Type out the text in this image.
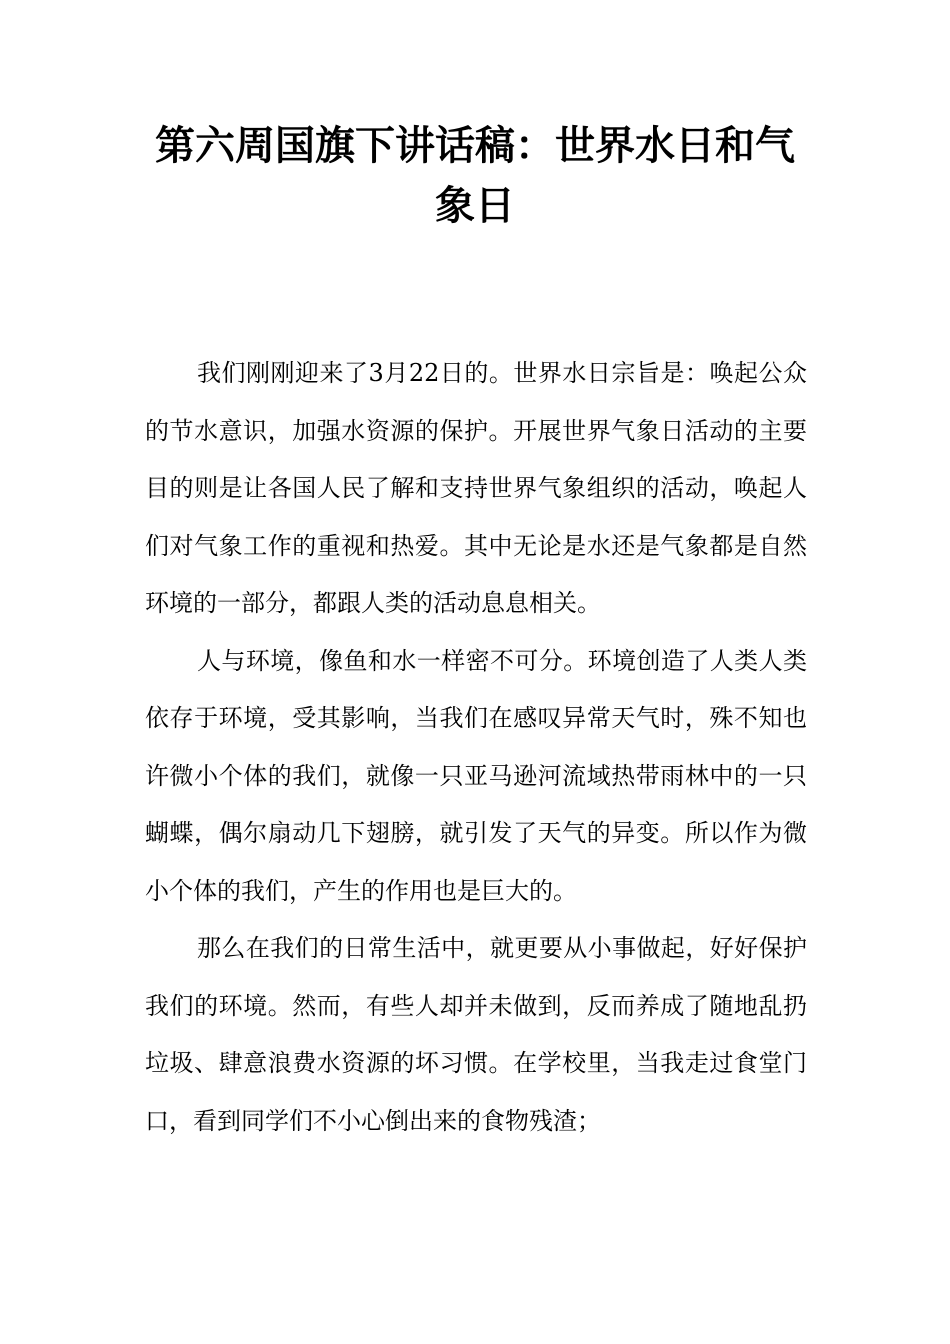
第六周国旗下讲话稿：世界水日和气象日

我们刚刚迎来了3月22日的。世界水日宗旨是：唤起公众的节水意识，加强水资源的保护。开展世界气象日活动的主要目的则是让各国人民了解和支持世界气象组织的活动，唤起人们对气象工作的重视和热爱。其中无论是水还是气象都是自然环境的一部分，都跟人类的活动息息相关。

人与环境，像鱼和水一样密不可分。环境创造了人类人类依存于环境，受其影响，当我们在感叹异常天气时，殊不知也许微小个体的我们，就像一只亚马逊河流域热带雨林中的一只蝴蝶，偶尔扇动几下翅膀，就引发了天气的异变。所以作为微小个体的我们，产生的作用也是巨大的。

那么在我们的日常生活中，就更要从小事做起，好好保护我们的环境。然而，有些人却并未做到，反而养成了随地乱扔垃圾、肆意浪费水资源的坏习惯。在学校里，当我走过食堂门口，看到同学们不小心倒出来的食物残渣；
